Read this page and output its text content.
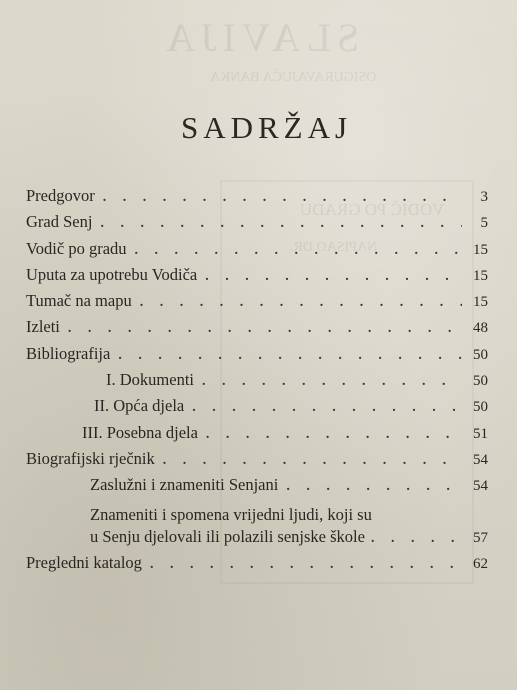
SLAVIJA
OSIGURAVAJUĆA BANKA
VODIČ PO GRADU
NAPISAO DR.
SADRŽAJ
Predgovor . . .	3
Grad Senj . . .	5
Vodič po gradu . . .	15
Uputa za upotrebu Vodiča . . .	15
Tumač na mapu . . .	15
Izleti . . .	48
Bibliografija . . .	50
I. Dokumenti . . .	50
II. Opća djela . . .	50
III. Posebna djela . . .	51
Biografijski rječnik . . .	54
Zaslužni i znameniti Senjani . . .	54
Znameniti i spomena vrijedni ljudi, koji su
u Senju djelovali ili polazili senjske škole . . .	57
Pregledni katalog . . .	62
